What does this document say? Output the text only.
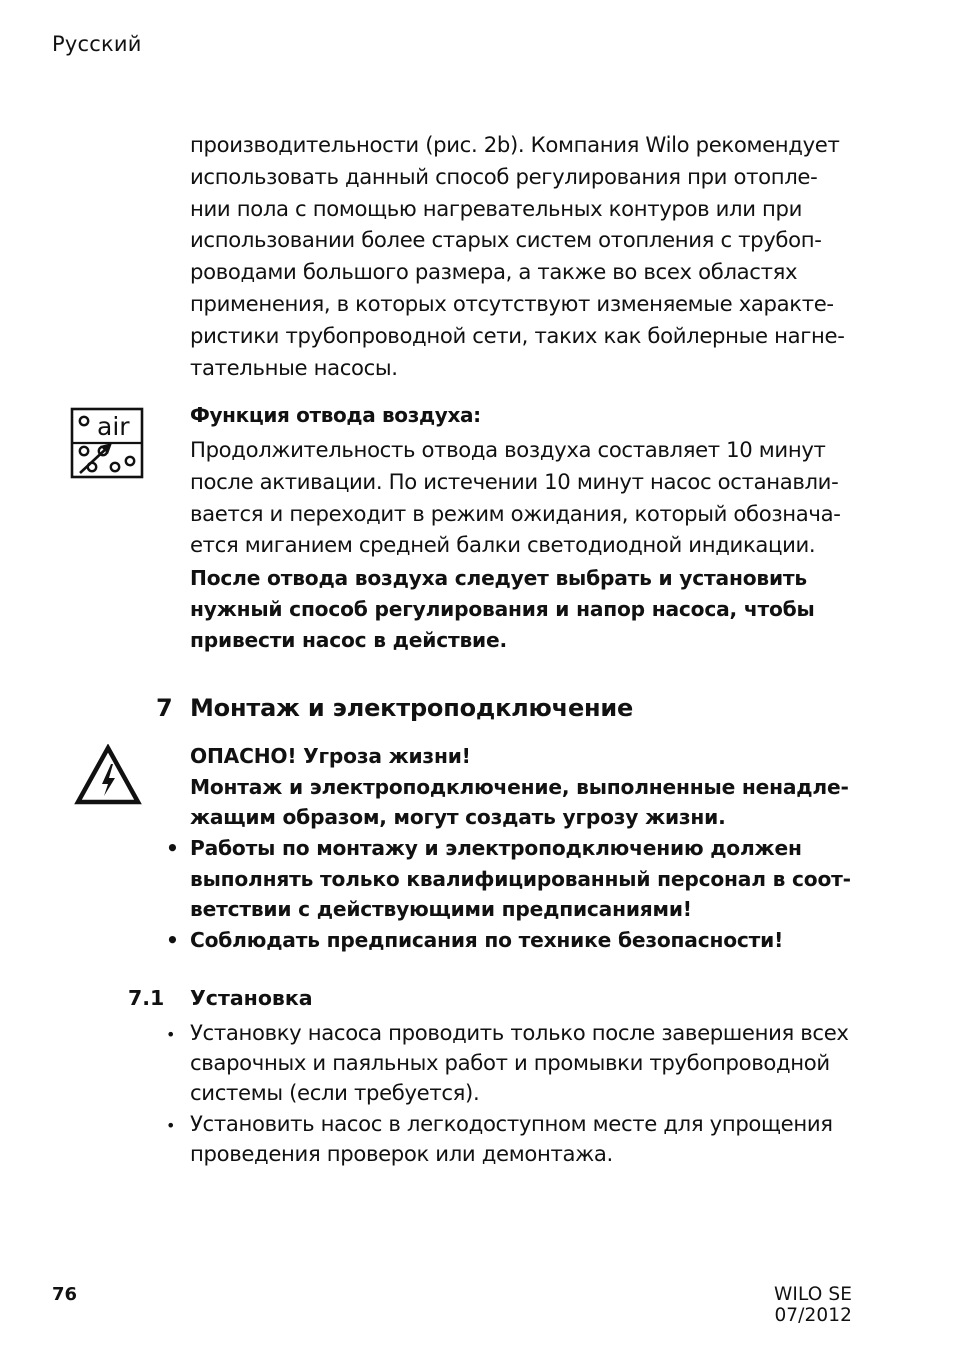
Русский
производительности (рис. 2b). Компания Wilo рекомендует
использовать данный способ регулирования при отопле-
нии пола с помощью нагревательных контуров или при
использовании более старых систем отопления с трубоп-
роводами большого размера, а также во всех областях
применения, в которых отсутствуют изменяемые характе-
ристики трубопроводной сети, таких как бойлерные нагне-
тательные насосы.
air	Функция отвода воздуха:
Продолжительность отвода воздуха составляет 10 минут
после активации. По истечении 10 минут насос останавли-
вается и переходит в режим ожидания, который обознача-
ется миганием средней балки светодиодной индикации.
После отвода воздуха следует выбрать и установить
нужный способ регулирования и напор насоса, чтобы
привести насос в действие.
7 Монтаж и электроподключение
ОПАСНО! Угроза жизни!
Монтаж и электроподключение, выполненные ненадле-
жащим образом, могут создать угрозу жизни.
• Работы по монтажу и электроподключению должен
выполнять только квалифицированный персонал в соот-
ветствии с действующими предписаниями!
• Соблюдать предписания по технике безопасности!
7.1 Установка
• Установку насоса проводить только после завершения всех
сварочных и паяльных работ и промывки трубопроводной
системы (если требуется).
• Установить насос в легкодоступном месте для упрощения
проведения проверок или демонтажа.
76	WILO SE 07/2012
